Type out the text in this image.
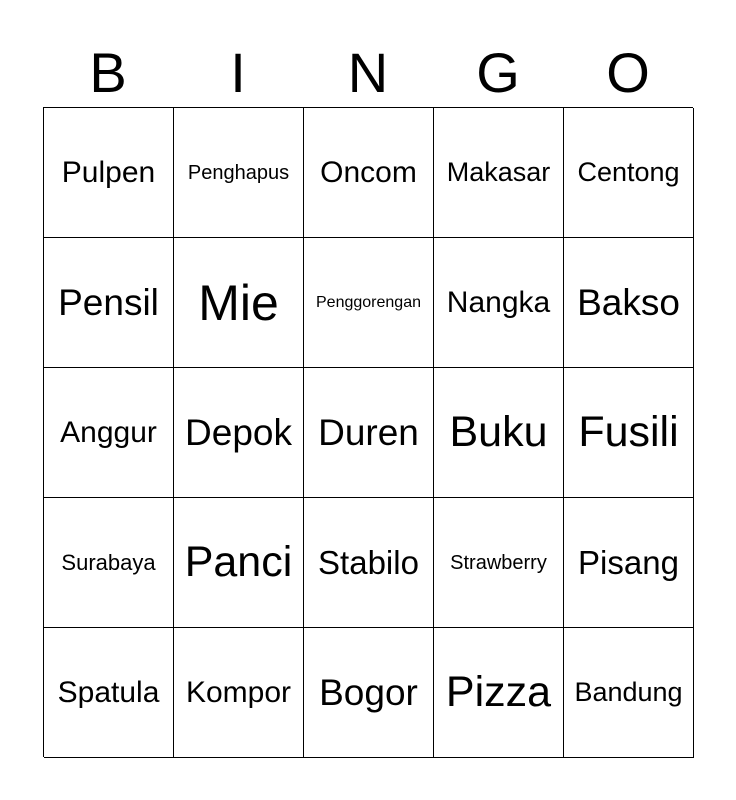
B	I	N	G	O
Pulpen	Penghapus	Oncom	Makasar	Centong
Pensil Mie	Penggorengan Nangka Bakso
Anggur Depok Duren Buku Fusili
Surabaya Panci Stabilo	Strawberry Pisang
Spatula Kompor Bogor Pizza Bandung
